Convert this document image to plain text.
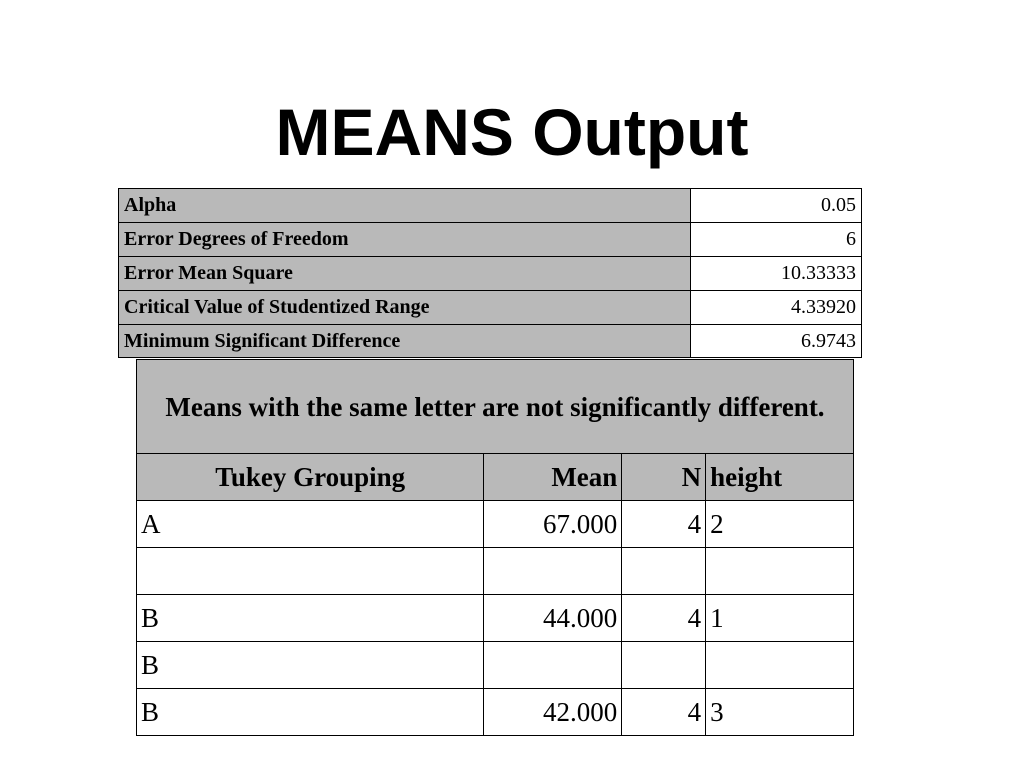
MEANS Output
Alpha	0.05
Error Degrees of Freedom	6
Error Mean Square	10.33333
Critical Value of Studentized Range	4.33920
Minimum Significant Difference	6.9743
Means with the same letter are not significantly different.			
Tukey Grouping	Mean	N	height
A	67.000	4	2

B	44.000	4	1
B			
B	42.000	4	3
